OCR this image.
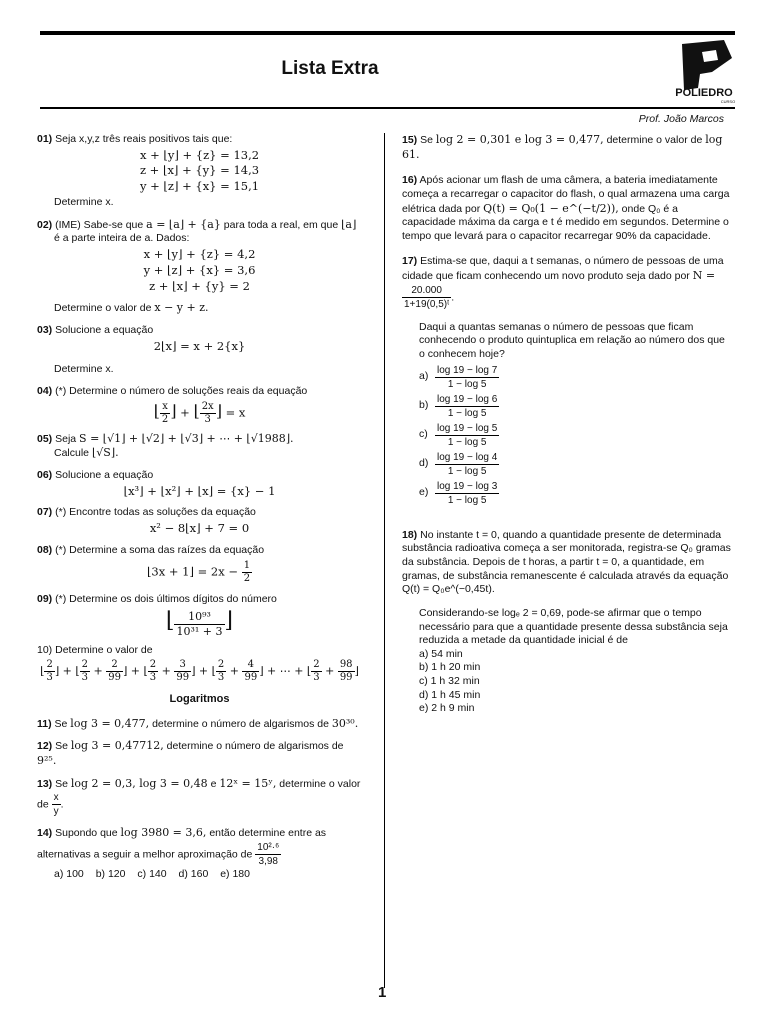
Lista Extra
POLIEDRO
CURSO
Prof. João Marcos
01) Seja x,y,z três reais positivos tais que:
x + ⌊y⌋ + {z} = 13,2
z + ⌊x⌋ + {y} = 14,3
y + ⌊z⌋ + {x} = 15,1
Determine x.
02) (IME) Sabe-se que a = ⌊a⌋ + {a} para toda a real, em que ⌊a⌋
é a parte inteira de a. Dados:
x + ⌊y⌋ + {z} = 4,2
y + ⌊z⌋ + {x} = 3,6
z + ⌊x⌋ + {y} = 2
Determine o valor de x − y + z.
03) Solucione a equação
2⌊x⌋ = x + 2{x}
Determine x.
04) (*) Determine o número de soluções reais da equação
⌊ $\frac{x}{2}$ ⌋ + ⌊ $\frac{2x}{3}$ ⌋ = x
05) Seja S = ⌊√1⌋ + ⌊√2⌋ + ⌊√3⌋ + ⋯ + ⌊√1988⌋.
Calcule ⌊√S⌋.
06) Solucione a equação
⌊x³⌋ + ⌊x²⌋ + ⌊x⌋ = {x} − 1
07) (*) Encontre todas as soluções da equação
x² − 8⌊x⌋ + 7 = 0
08) (*) Determine a soma das raízes da equação
⌊3x + 1⌋ = $2x - \frac{1}{2}$
09) (*) Determine os dois últimos dígitos do número
⌊ $\frac{\text{10⁹³}}{\text{10³¹ + 3}}$ ⌋
10) Determine o valor de
⌊ $\frac{2}{3}$ ⌋ + ⌊ $\frac{2}{3} + \frac{2}{99}$ ⌋ + ⌊ $\frac{2}{3} + \frac{3}{99}$ ⌋ + ⌊ $\frac{2}{3} + \frac{4}{99}$ ⌋ + ⋯ + ⌊ $\frac{2}{3} + \frac{98}{99}$ ⌋
Logaritmos
11) Se log 3 = 0,477, determine o número de algarismos de 30³⁰.
12) Se log 3 = 0,47712, determine o número de algarismos de 9²⁵.
13) Se log 2 = 0,3, log 3 = 0,48 e 12ˣ = 15ʸ, determine o valor de $\frac{x}{y}$ .
14) Supondo que log 3980 = 3,6, então determine entre as alternativas a seguir a melhor aproximação de $\frac{\text{10²·⁶}}{3,98}$
a) 100 b) 120 c) 140 d) 160 e) 180
15) Se log 2 = 0,301 e log 3 = 0,477, determine o valor de log 61.
16) Após acionar um flash de uma câmera, a bateria imediatamente começa a recarregar o capacitor do flash, o qual armazena uma carga elétrica dada por Q(t) = Q₀(1 − e^(−t/2)), onde Q₀ é a capacidade máxima da carga e t é medido em segundos. Determine o tempo que levará para o capacitor recarregar 90% da capacidade.
17) Estima-se que, daqui a t semanas, o número de pessoas de uma cidade que ficam conhecendo um novo produto seja dado por N =
$\frac{20.000}{\text{1+19(0,5)ᵗ}}$ .
Daqui a quantas semanas o número de pessoas que ficam conhecendo o produto quintuplica em relação ao número dos que o conhecem hoje?
$a) \frac{\log 19 - \log 7}{1 - \log 5}$
$b) \frac{\log 19 - \log 6}{1 - \log 5}$
$c) \frac{\log 19 - \log 5}{1 - \log 5}$
$d) \frac{\log 19 - \log 4}{1 - \log 5}$
$e) \frac{\log 19 - \log 3}{1 - \log 5}$
18) No instante t = 0, quando a quantidade presente de determinada substância radioativa começa a ser monitorada, registra-se Q₀ gramas da substância. Depois de t horas, a partir t = 0, a quantidade, em gramas, de substância remanescente é calculada através da equação Q(t) = Q₀e^(−0,45t).
Considerando-se logₑ 2 = 0,69, pode-se afirmar que o tempo necessário para que a quantidade presente dessa substância seja reduzida a metade da quantidade inicial é de
a) 54 min
b) 1 h 20 min
c) 1 h 32 min
d) 1 h 45 min
e) 2 h 9 min
1
